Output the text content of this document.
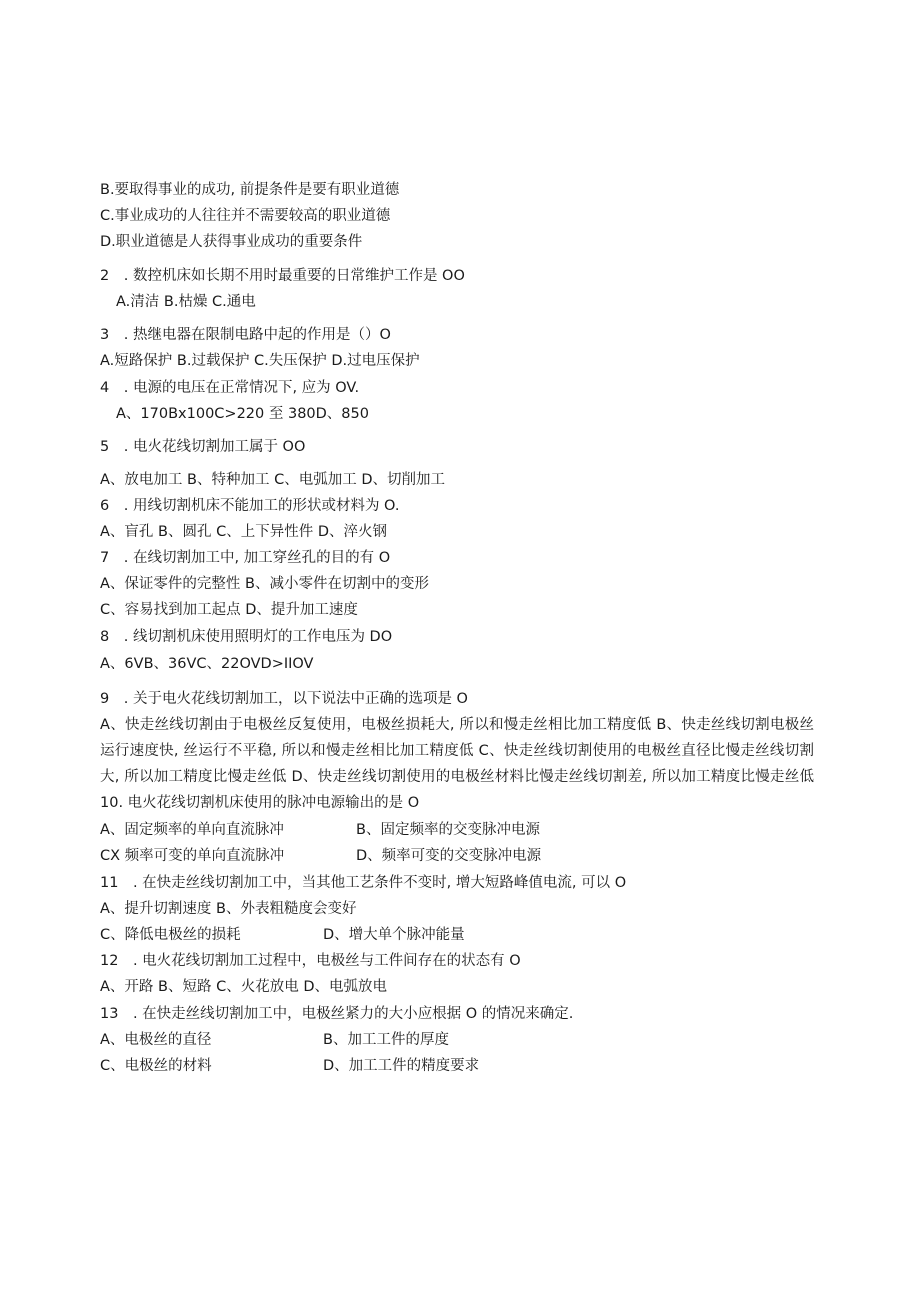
B.要取得事业的成功, 前提条件是要有职业道德
C.事业成功的人往往并不需要较高的职业道德
D.职业道德是人获得事业成功的重要条件
2　. 数控机床如长期不用时最重要的日常维护工作是 OO
A.清洁 B.枯燥 C.通电
3　. 热继电器在限制电路中起的作用是（）O
A.短路保护 B.过载保护 C.失压保护 D.过电压保护
4　. 电源的电压在正常情况下, 应为 OV.
A、170Bx100C>220 至 380D、850
5　. 电火花线切割加工属于 OO
A、放电加工 B、特种加工 C、电弧加工 D、切削加工
6　. 用线切割机床不能加工的形状或材料为 O.
A、盲孔 B、圆孔 C、上下异性件 D、淬火钢
7　. 在线切割加工中, 加工穿丝孔的目的有 O
A、保证零件的完整性 B、减小零件在切割中的变形
C、容易找到加工起点 D、提升加工速度
8　. 线切割机床使用照明灯的工作电压为 DO
A、6VB、36VC、22OVD>IIOV
9　. 关于电火花线切割加工，以下说法中正确的选项是 O
A、快走丝线切割由于电极丝反复使用，电极丝损耗大, 所以和慢走丝相比加工精度低 B、快走丝线切割电极丝运行速度快, 丝运行不平稳, 所以和慢走丝相比加工精度低 C、快走丝线切割使用的电极丝直径比慢走丝线切割大, 所以加工精度比慢走丝低 D、快走丝线切割使用的电极丝材料比慢走丝线切割差, 所以加工精度比慢走丝低 10. 电火花线切割机床使用的脉冲电源输出的是 O
A、固定频率的单向直流脉冲	B、固定频率的交变脉冲电源
CX 频率可变的单向直流脉冲	D、频率可变的交变脉冲电源
11　. 在快走丝线切割加工中，当其他工艺条件不变时, 增大短路峰值电流, 可以 O
A、提升切割速度 B、外表粗糙度会变好
C、降低电极丝的损耗	D、增大单个脉冲能量
12　. 电火花线切割加工过程中，电极丝与工件间存在的状态有 O
A、开路 B、短路 C、火花放电 D、电弧放电
13　. 在快走丝线切割加工中，电极丝紧力的大小应根据 O 的情况来确定.
A、电极丝的直径	B、加工工件的厚度
C、电极丝的材料	D、加工工件的精度要求
